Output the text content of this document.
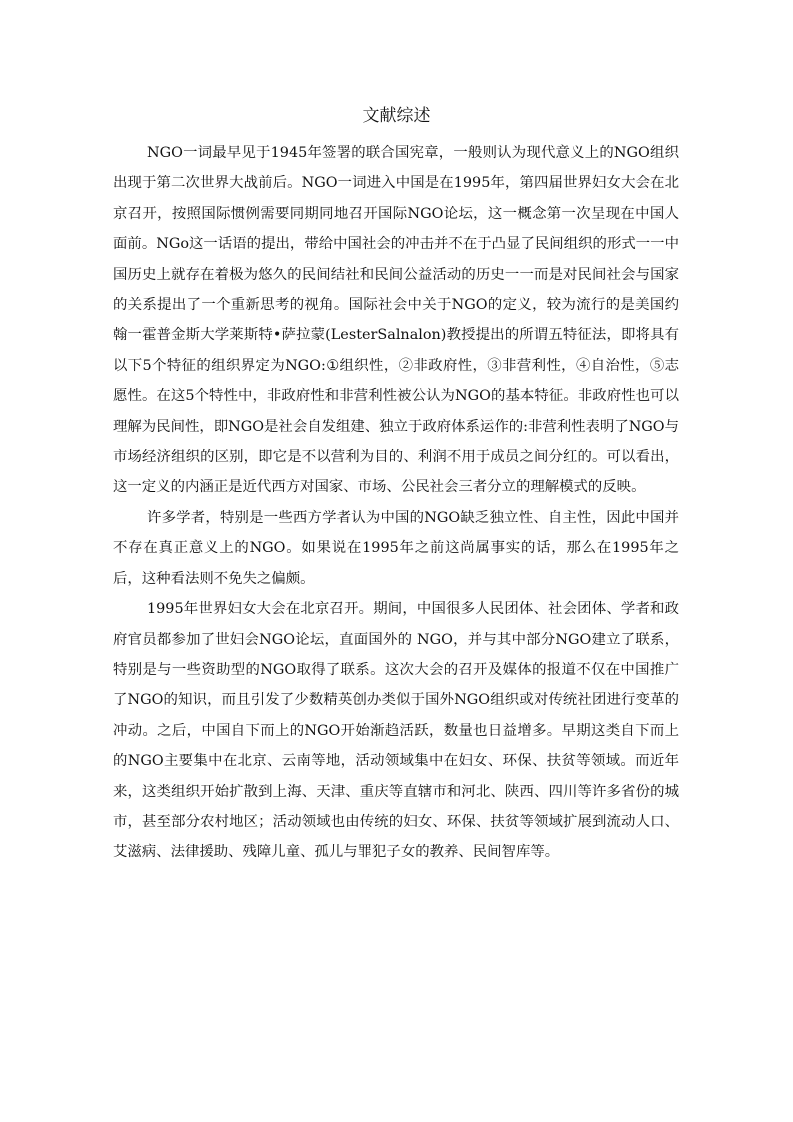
文献综述

NGO一词最早见于1945年签署的联合国宪章，一般则认为现代意义上的NGO组织出现于第二次世界大战前后。NGO一词进入中国是在1995年，第四届世界妇女大会在北京召开，按照国际惯例需要同期同地召开国际NGO论坛，这一概念第一次呈现在中国人面前。NGo这一话语的提出，带给中国社会的冲击并不在于凸显了民间组织的形式一一中国历史上就存在着极为悠久的民间结社和民间公益活动的历史一一而是对民间社会与国家的关系提出了一个重新思考的视角。国际社会中关于NGO的定义，较为流行的是美国约翰一霍普金斯大学莱斯特•萨拉蒙(LesterSalnalon)教授提出的所谓五特征法，即将具有以下5个特征的组织界定为NGO:①组织性，②非政府性，③非营利性，④自治性，⑤志愿性。在这5个特性中，非政府性和非营利性被公认为NGO的基本特征。非政府性也可以理解为民间性，即NGO是社会自发组建、独立于政府体系运作的:非营利性表明了NGO与市场经济组织的区别，即它是不以营利为目的、利润不用于成员之间分红的。可以看出，这一定义的内涵正是近代西方对国家、市场、公民社会三者分立的理解模式的反映。

许多学者，特别是一些西方学者认为中国的NGO缺乏独立性、自主性，因此中国并不存在真正意义上的NGO。如果说在1995年之前这尚属事实的话，那么在1995年之后，这种看法则不免失之偏颇。

1995年世界妇女大会在北京召开。期间，中国很多人民团体、社会团体、学者和政府官员都参加了世妇会NGO论坛，直面国外的 NGO，并与其中部分NGO建立了联系，特别是与一些资助型的NGO取得了联系。这次大会的召开及媒体的报道不仅在中国推广了NGO的知识，而且引发了少数精英创办类似于国外NGO组织或对传统社团进行变革的冲动。之后，中国自下而上的NGO开始渐趋活跃，数量也日益增多。早期这类自下而上的NGO主要集中在北京、云南等地，活动领域集中在妇女、环保、扶贫等领域。而近年来，这类组织开始扩散到上海、天津、重庆等直辖市和河北、陕西、四川等许多省份的城市，甚至部分农村地区；活动领域也由传统的妇女、环保、扶贫等领域扩展到流动人口、艾滋病、法律援助、残障儿童、孤儿与罪犯子女的教养、民间智库等。
